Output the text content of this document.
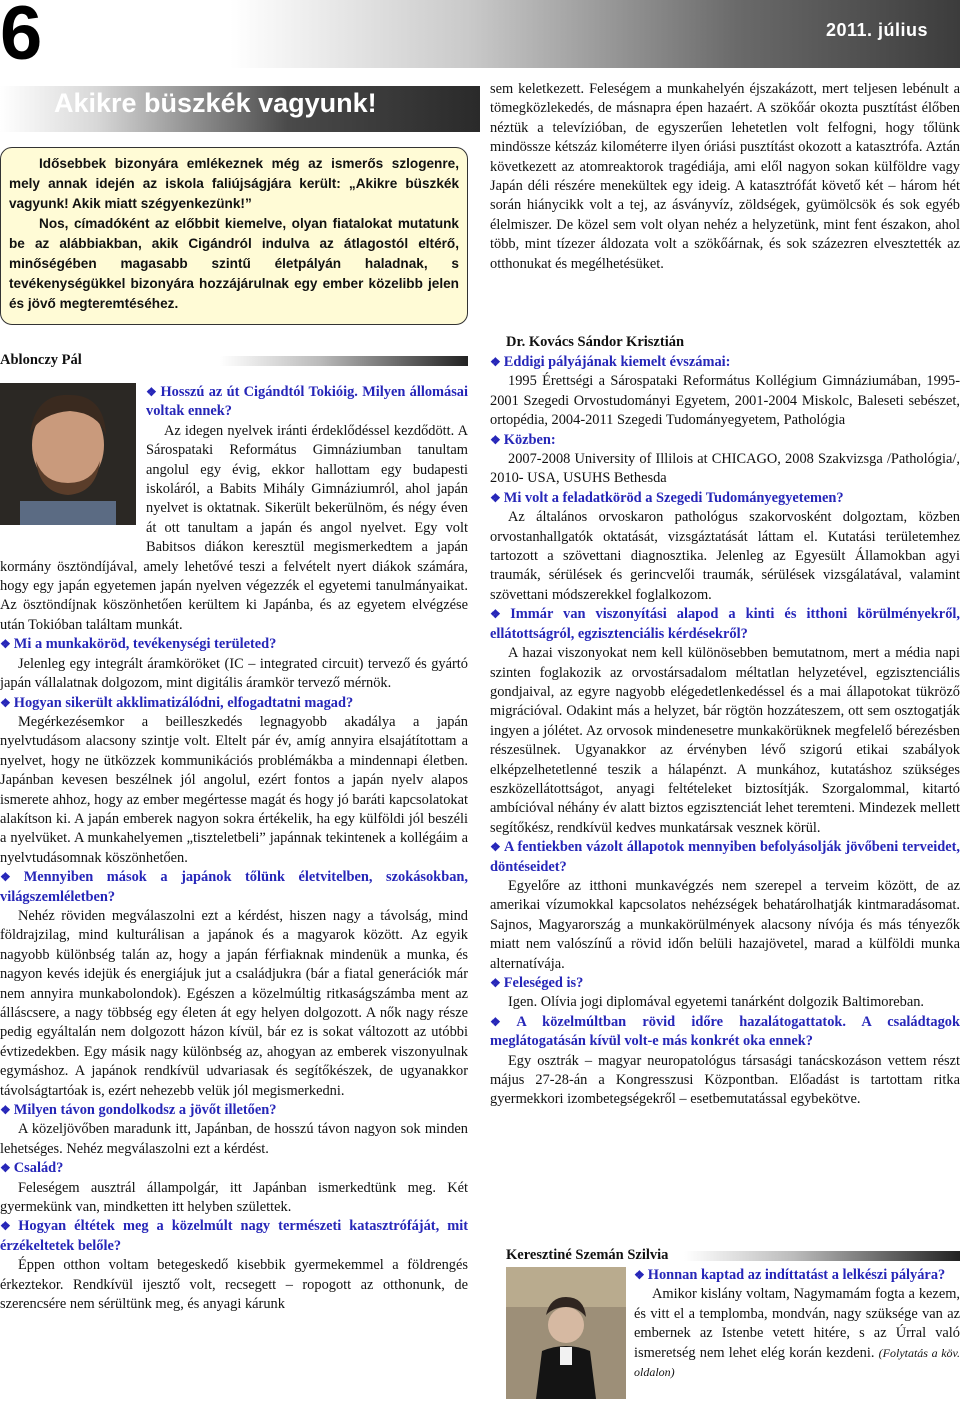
6	2011. július
Akikre büszkék vagyunk!

Idősebbek bizonyára emlékeznek még az ismerős szlogenre, mely annak idején az iskola faliújságjára került: „Akikre büszkék vagyunk! Akik miatt szégyenkezünk!”

Nos, címadóként az előbbit kiemelve, olyan fiatalokat mutatunk be az alábbiakban, akik Cigándról indulva az átlagostól eltérő, minőségében magasabb szintű életpályán haladnak, s tevékenységükkel bizonyára hozzájárulnak egy ember közelibb jelen és jövő megteremtéséhez.

Ablonczy Pál

❖ Hosszú az út Cigándtól Tokióig. Milyen állomásai voltak ennek?

Az idegen nyelvek iránti érdeklődéssel kezdődött. A Sárospataki Református Gimnáziumban tanultam angolul egy évig, ekkor hallottam egy budapesti iskoláról, a Babits Mihály Gimnáziumról, ahol japán nyelvet is oktatnak. Sikerült bekerülnöm, és négy éven át ott tanultam a japán és angol nyelvet. Egy volt Babitsos diákon keresztül megismerkedtem a japán kormány ösztöndíjával, amely lehetővé teszi a felvételt nyert diákok számára, hogy egy japán egyetemen japán nyelven végezzék el egyetemi tanulmányaikat. Az ösztöndíjnak köszönhetően kerültem ki Japánba, és az egyetem elvégzése után Tokióban találtam munkát.

❖ Mi a munkaköröd, tevékenységi területed?

Jelenleg egy integrált áramköröket (IC – integrated circuit) tervező és gyártó japán vállalatnak dolgozom, mint digitális áramkör tervező mérnök.

❖ Hogyan sikerült akklimatizálódni, elfogadtatni magad?

Megérkezésemkor a beilleszkedés legnagyobb akadálya a japán nyelvtudásom alacsony szintje volt. Eltelt pár év, amíg annyira elsajátítottam a nyelvet, hogy ne ütközzek kommunikációs problémákba a mindennapi életben. Japánban kevesen beszélnek jól angolul, ezért fontos a japán nyelv alapos ismerete ahhoz, hogy az ember megértesse magát és hogy jó baráti kapcsolatokat alakítson ki. A japán emberek nagyon sokra értékelik, ha egy külföldi jól beszéli a nyelvüket. A munkahelyemen „tiszteletbeli” japánnak tekintenek a kollégáim a nyelvtudásomnak köszönhetően.

❖ Mennyiben mások a japánok tőlünk életvitelben, szokásokban, világszemléletben?

Nehéz röviden megválaszolni ezt a kérdést, hiszen nagy a távolság, mind földrajzilag, mind kulturálisan a japánok és a magyarok között. Az egyik nagyobb különbség talán az, hogy a japán férfiaknak mindenük a munka, és nagyon kevés idejük és energiájuk jut a családjukra (bár a fiatal generációk már nem annyira munkabolondok). Egészen a közelmúltig ritkaságszámba ment az álláscsere, a nagy többség egy életen át egy helyen dolgozott. A nők nagy része pedig egyáltalán nem dolgozott házon kívül, bár ez is sokat változott az utóbbi évtizedekben. Egy másik nagy különbség az, ahogyan az emberek viszonyulnak egymáshoz. A japánok rendkívül udvariasak és segítőkészek, de ugyanakkor távolságtartóak is, ezért nehezebb velük jól megismerkedni.

❖ Milyen távon gondolkodsz a jövőt illetően?

A közeljövőben maradunk itt, Japánban, de hosszú távon nagyon sok minden lehetséges. Nehéz megválaszolni ezt a kérdést.

❖ Család?

Feleségem ausztrál állampolgár, itt Japánban ismerkedtünk meg. Két gyermekünk van, mindketten itt helyben születtek.

❖ Hogyan éltétek meg a közelmúlt nagy természeti katasztrófáját, mit érzékeltetek belőle?

Éppen otthon voltam betegeskedő kisebbik gyermekemmel a földrengés érkeztekor. Rendkívül ijesztő volt, recsegett – ropogott az otthonunk, de szerencsére nem sérültünk meg, és anyagi kárunk

sem keletkezett. Feleségem a munkahelyén éjszakázott, mert teljesen lebénult a tömegközlekedés, de másnapra épen hazaért. A szökőár okozta pusztítást élőben néztük a televízióban, de egyszerűen lehetetlen volt felfogni, hogy tőlünk mindössze kétszáz kilométerre ilyen óriási pusztítást okozott a katasztrófa. Aztán következett az atomreaktorok tragédiája, ami elől nagyon sokan külföldre vagy Japán déli részére menekültek egy ideig. A katasztrófát követő két – három hét során hiánycikk volt a tej, az ásványvíz, zöldségek, gyümölcsök és sok egyéb élelmiszer. De közel sem volt olyan nehéz a helyzetünk, mint fent északon, ahol több, mint tízezer áldozata volt a szökőárnak, és sok százezren elvesztették az otthonukat és megélhetésüket.

Dr. Kovács Sándor Krisztián

❖ Eddigi pályájának kiemelt évszámai:

1995 Érettségi a Sárospataki Református Kollégium Gimnáziumában, 1995-2001 Szegedi Orvostudományi Egyetem, 2001-2004 Miskolc, Baleseti sebészet, ortopédia, 2004-2011 Szegedi Tudományegyetem, Pathológia

❖ Közben:

2007-2008 University of Illilois at CHICAGO, 2008 Szakvizsga /Pathológia/, 2010- USA, USUHS Bethesda

❖ Mi volt a feladatköröd a Szegedi Tudományegyetemen?

Az általános orvoskaron pathológus szakorvosként dolgoztam, közben orvostanhallgatók oktatását, vizsgáztatását láttam el. Kutatási területemhez tartozott a szövettani diagnosztika. Jelenleg az Egyesült Államokban agyi traumák, sérülések és gerincvelői traumák, sérülések vizsgálatával, valamint szövettani módszerekkel foglalkozom.

❖ Immár van viszonyítási alapod a kinti és itthoni körülményekről, ellátottságról, egzisztenciális kérdésekről?

A hazai viszonyokat nem kell különösebben bemutatnom, mert a média napi szinten foglakozik az orvostársadalom méltatlan helyzetével, egzisztenciális gondjaival, az egyre nagyobb elégedetlenkedéssel és a mai állapotokat tükröző migrációval. Odakint más a helyzet, bár rögtön hozzáteszem, ott sem osztogatják ingyen a jólétet. Az orvosok mindenesetre munkakörüknek megfelelő bérezésben részesülnek. Ugyanakkor az érvényben lévő szigorú etikai szabályok elképzelhetetlenné teszik a hálapénzt. A munkához, kutatáshoz szükséges eszközellátottságot, anyagi feltételeket biztosítják. Szorgalommal, kitartó ambícióval néhány év alatt biztos egzisztenciát lehet teremteni. Mindezek mellett segítőkész, rendkívül kedves munkatársak vesznek körül.

❖ A fentiekben vázolt állapotok mennyiben befolyásolják jövőbeni terveidet, döntéseidet?

Egyelőre az itthoni munkavégzés nem szerepel a terveim között, de az amerikai vízumokkal kapcsolatos nehézségek behatárolhatják kintmaradásomat. Sajnos, Magyarország a munkakörülmények alacsony nívója és más tényezők miatt nem valószínű a rövid időn belüli hazajövetel, marad a külföldi munka alternatívája.

❖ Feleséged is?

Igen. Olívia jogi diplomával egyetemi tanárként dolgozik Baltimoreban.

❖ A közelmúltban rövid időre hazalátogattatok. A családtagok meglátogatásán kívül volt-e más konkrét oka ennek?

Egy osztrák – magyar neuropatológus társasági tanácskozáson vettem részt május 27-28-án a Kongresszusi Központban. Előadást is tartottam ritka gyermekkori izombetegségekről – esetbemutatással egybekötve.

Keresztiné Szemán Szilvia

❖ Honnan kaptad az indíttatást a lelkészi pályára?

Amikor kislány voltam, Nagymamám fogta a kezem, és vitt el a templomba, mondván, nagy szüksége van az embernek az Istenbe vetett hitére, s az Úrral való ismeretség nem lehet elég korán kezdeni. (Folytatás a köv. oldalon)
